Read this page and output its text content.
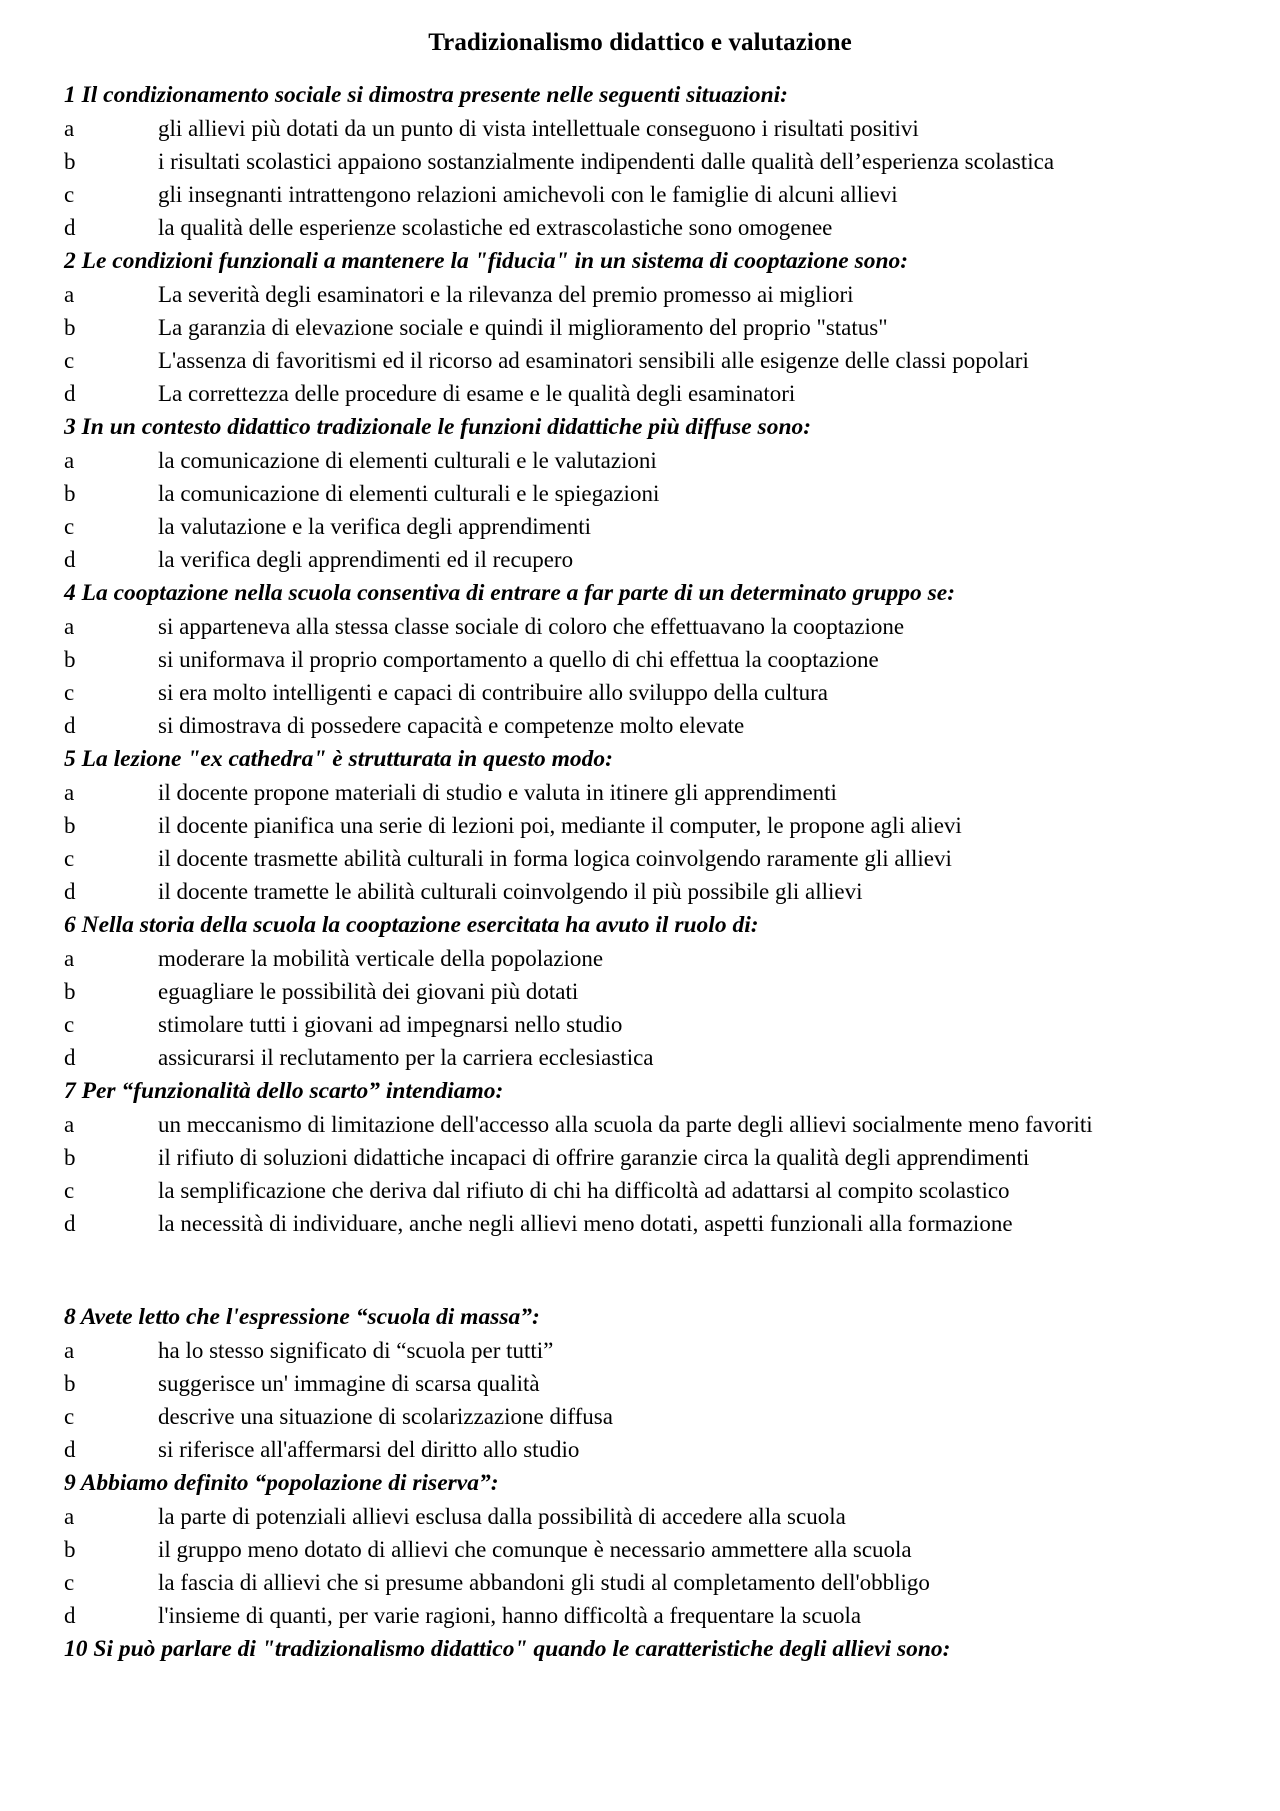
Tradizionalismo didattico e valutazione

1 Il condizionamento sociale si dimostra presente nelle seguenti situazioni:

a	gli allievi più dotati da un punto di vista intellettuale conseguono i risultati positivi
b	i risultati scolastici appaiono sostanzialmente indipendenti dalle qualità dell’esperienza scolastica
c	gli insegnanti intrattengono relazioni amichevoli con le famiglie di alcuni allievi
d	la qualità delle esperienze scolastiche ed extrascolastiche sono omogenee

2 Le condizioni funzionali a mantenere la "fiducia" in un sistema di cooptazione sono:

a	La severità degli esaminatori e la rilevanza del premio promesso ai migliori
b	La garanzia di elevazione sociale e quindi il miglioramento del proprio "status"
c	L'assenza di favoritismi ed il ricorso ad esaminatori sensibili alle esigenze delle classi popolari
d	La correttezza delle procedure di esame e le qualità degli esaminatori

3 In un contesto didattico tradizionale le funzioni didattiche più diffuse sono:

a	la comunicazione di elementi culturali e le valutazioni
b	la comunicazione di elementi culturali e le spiegazioni
c	la valutazione e la verifica degli apprendimenti
d	la verifica degli apprendimenti ed il recupero

4 La cooptazione nella scuola consentiva di entrare a far parte di un determinato gruppo se:

a	si apparteneva alla stessa classe sociale di coloro che effettuavano la cooptazione
b	si uniformava il proprio comportamento a quello di chi effettua la cooptazione
c	si era molto intelligenti e capaci di contribuire allo sviluppo della cultura
d	si dimostrava di possedere capacità e competenze molto elevate

5 La lezione "ex cathedra" è strutturata in questo modo:

a	il docente propone materiali di studio e valuta in itinere gli apprendimenti
b	il docente pianifica una serie di lezioni poi, mediante il computer, le propone agli alievi
c	il docente trasmette abilità culturali in forma logica coinvolgendo raramente gli allievi
d	il docente tramette le abilità culturali coinvolgendo il più possibile gli allievi

6 Nella storia della scuola la cooptazione esercitata ha avuto il ruolo di:

a	moderare la mobilità verticale della popolazione
b	eguagliare le possibilità dei giovani più dotati
c	stimolare tutti i giovani ad impegnarsi nello studio
d	assicurarsi il reclutamento per la carriera ecclesiastica

7 Per “funzionalità dello scarto” intendiamo:

a	un meccanismo di limitazione dell'accesso alla scuola da parte degli allievi socialmente meno favoriti
b	il rifiuto di soluzioni didattiche incapaci di offrire garanzie circa la qualità degli apprendimenti
c	la semplificazione che deriva dal rifiuto di chi ha difficoltà ad adattarsi al compito scolastico
d	la necessità di individuare, anche negli allievi meno dotati, aspetti funzionali alla formazione

8 Avete letto che l'espressione “scuola di massa”:

a	ha lo stesso significato di “scuola per tutti”
b	suggerisce un' immagine di scarsa qualità
c	descrive una situazione di scolarizzazione diffusa
d	si riferisce all'affermarsi del diritto allo studio

9 Abbiamo definito “popolazione di riserva”:

a	la parte di potenziali allievi esclusa dalla possibilità di accedere alla scuola
b	il gruppo meno dotato di allievi che comunque è necessario ammettere alla scuola
c	la fascia di allievi che si presume abbandoni gli studi al completamento dell'obbligo
d	l'insieme di quanti, per varie ragioni, hanno difficoltà a frequentare la scuola

10 Si può parlare di "tradizionalismo didattico" quando le caratteristiche degli allievi sono:
